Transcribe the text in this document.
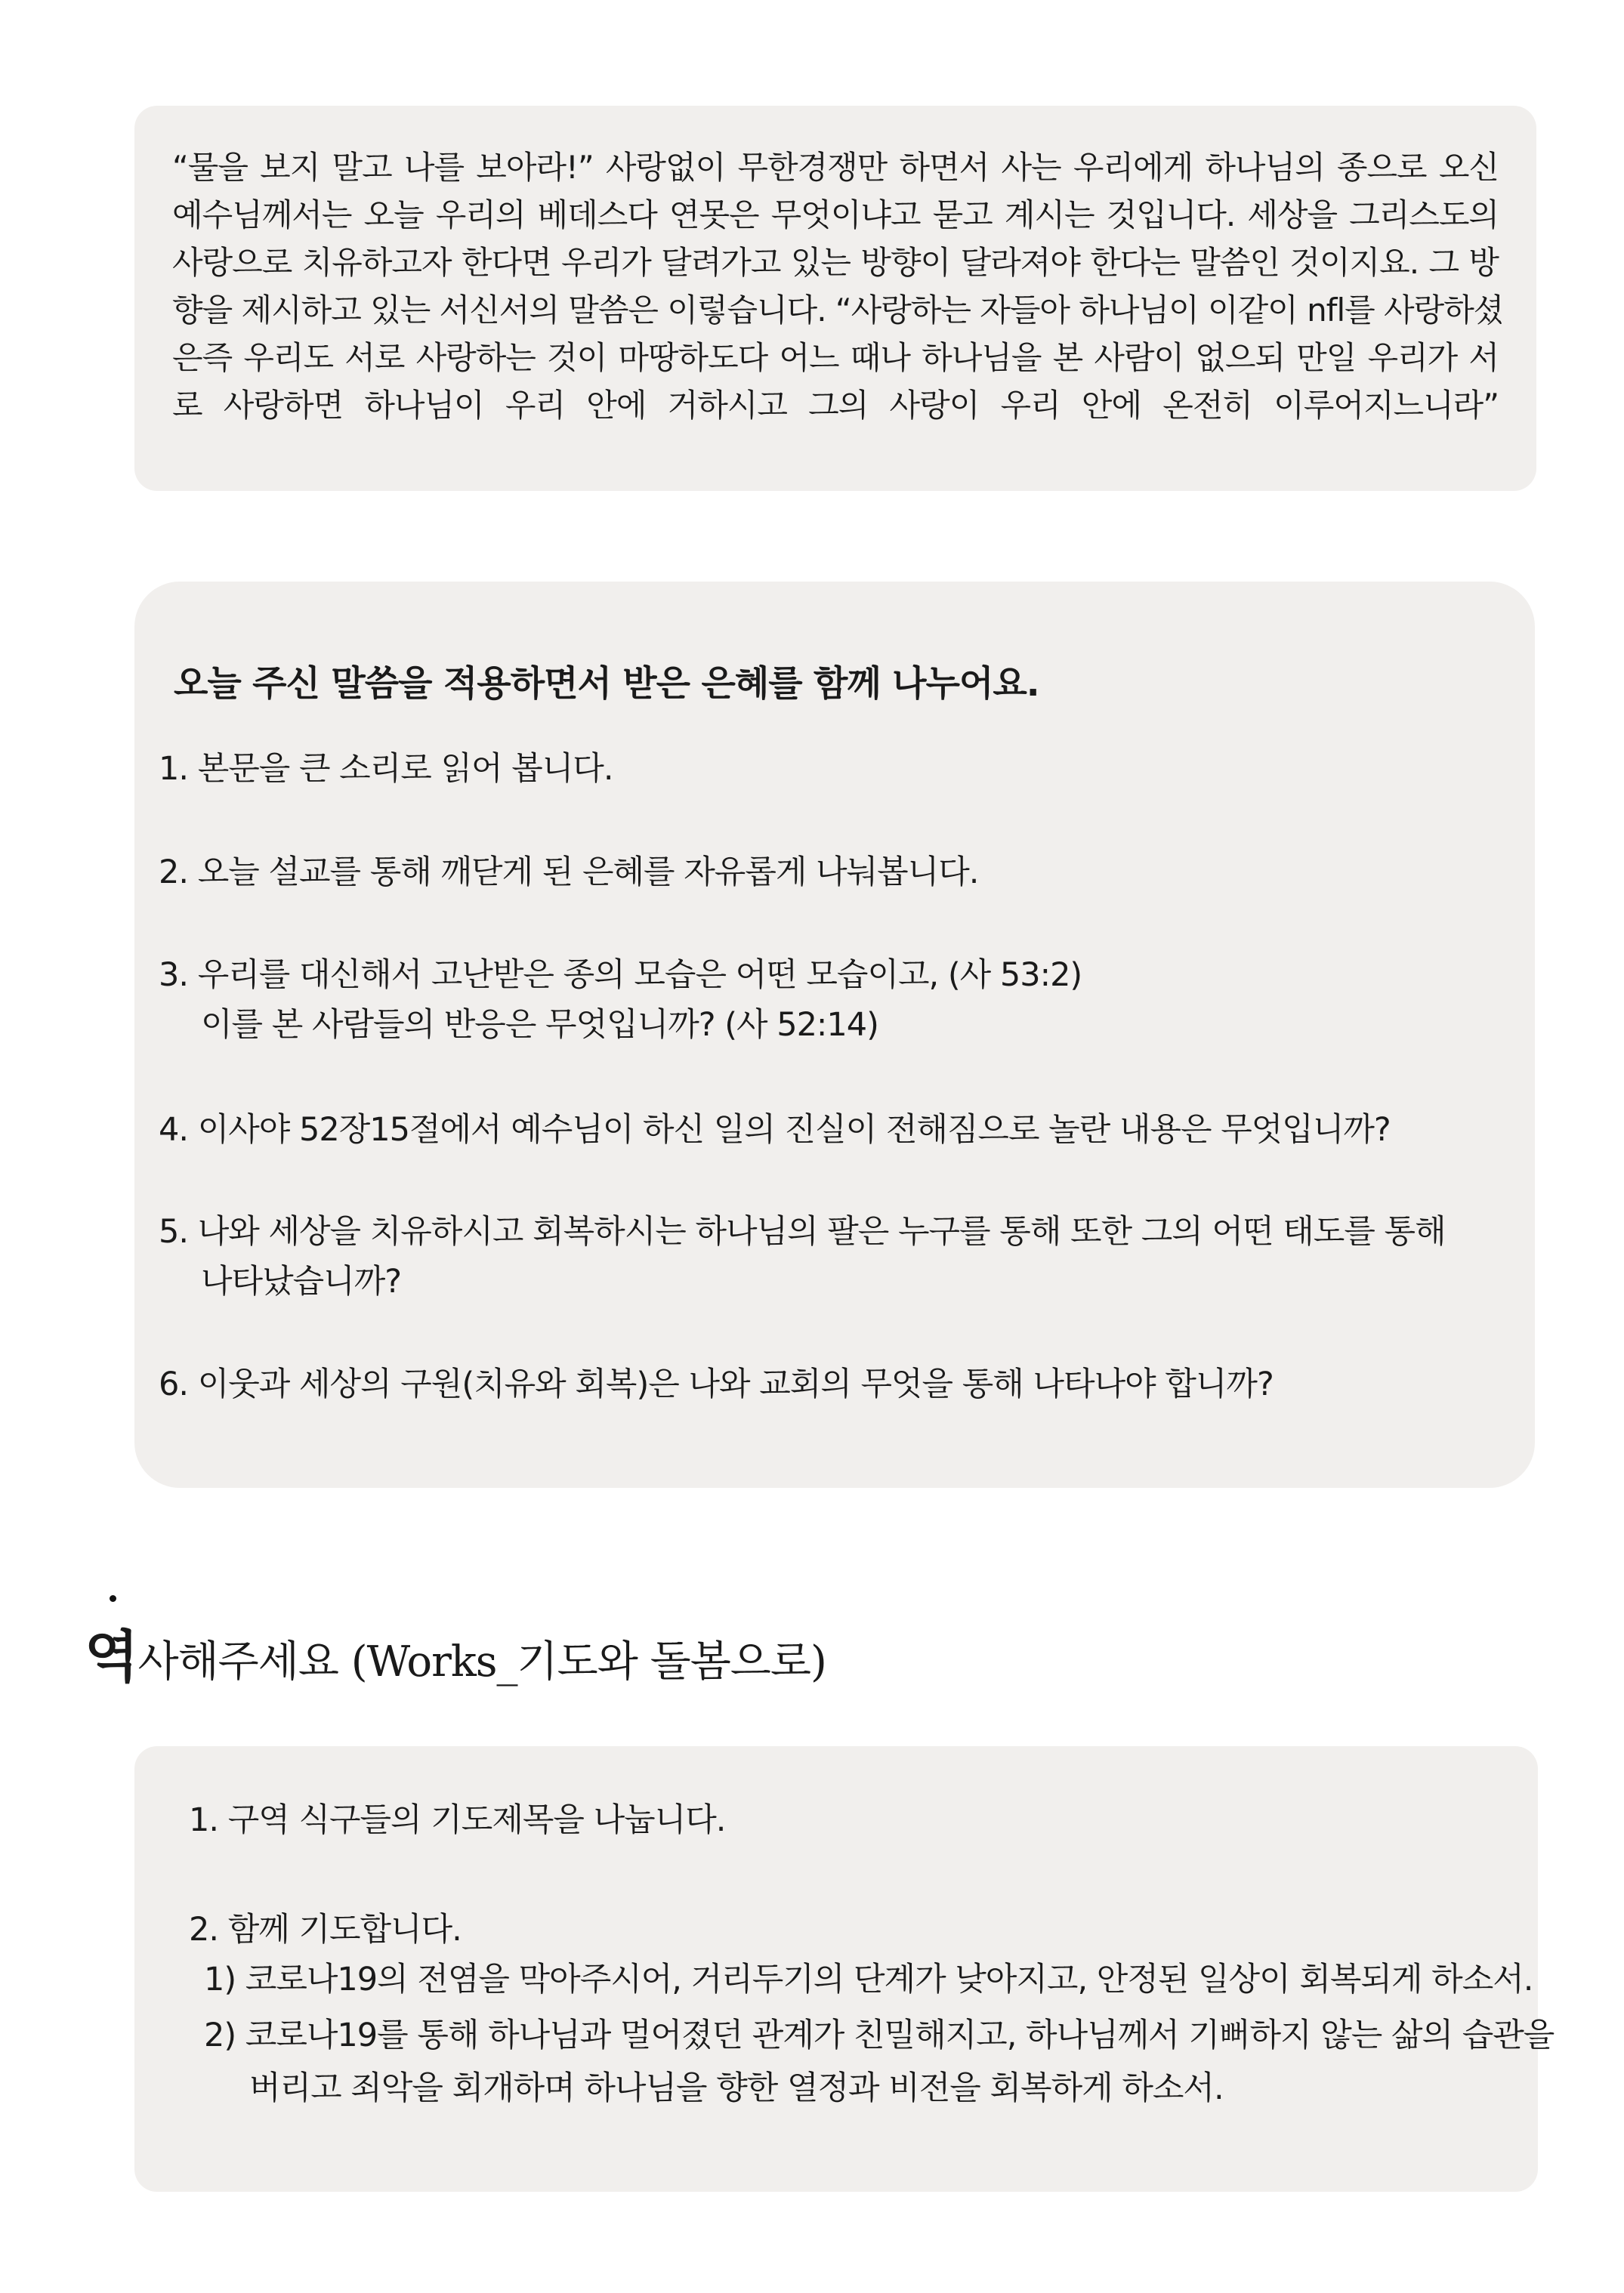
“물을 보지 말고 나를 보아라!” 사랑없이 무한경쟁만 하면서 사는 우리에게 하나님의 종으로 오신
예수님께서는 오늘 우리의 베데스다 연못은 무엇이냐고 묻고 계시는 것입니다. 세상을 그리스도의
사랑으로 치유하고자 한다면 우리가 달려가고 있는 방향이 달라져야 한다는 말씀인 것이지요. 그 방
향을 제시하고 있는 서신서의 말씀은 이렇습니다. “사랑하는 자들아 하나님이 이같이 nfl를 사랑하셨
은즉 우리도 서로 사랑하는 것이 마땅하도다 어느 때나 하나님을 본 사람이 없으되 만일 우리가 서
로 사랑하면 하나님이 우리 안에 거하시고 그의 사랑이 우리 안에 온전히 이루어지느니라”
오늘 주신 말씀을 적용하면서 받은 은혜를 함께 나누어요.
1. 본문을 큰 소리로 읽어 봅니다.
2. 오늘 설교를 통해 깨닫게 된 은혜를 자유롭게 나눠봅니다.
3. 우리를 대신해서 고난받은 종의 모습은 어떤 모습이고, (사 53:2)
이를 본 사람들의 반응은 무엇입니까? (사 52:14)
4. 이사야 52장15절에서 예수님이 하신 일의 진실이 전해짐으로 놀란 내용은 무엇입니까?
5. 나와 세상을 치유하시고 회복하시는 하나님의 팔은 누구를 통해 또한 그의 어떤 태도를 통해
나타났습니까?
6. 이웃과 세상의 구원(치유와 회복)은 나와 교회의 무엇을 통해 나타나야 합니까?
역사해주세요 (Works_기도와 돌봄으로)
1. 구역 식구들의 기도제목을 나눕니다.
2. 함께 기도합니다.
1) 코로나19의 전염을 막아주시어, 거리두기의 단계가 낮아지고, 안정된 일상이 회복되게 하소서.
2) 코로나19를 통해 하나님과 멀어졌던 관계가 친밀해지고, 하나님께서 기뻐하지 않는 삶의 습관을
버리고 죄악을 회개하며 하나님을 향한 열정과 비전을 회복하게 하소서.
